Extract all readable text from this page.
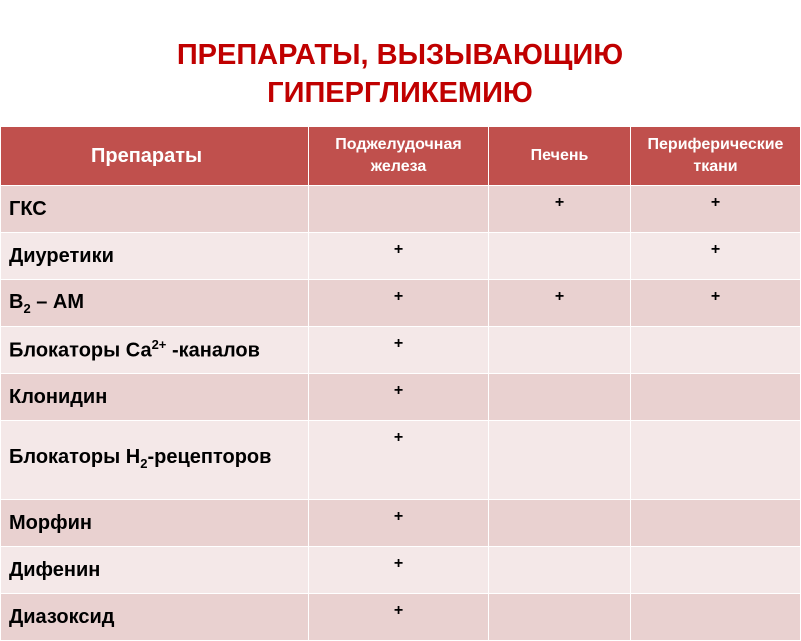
ПРЕПАРАТЫ, ВЫЗЫВАЮЩИЮ
ГИПЕРГЛИКЕМИЮ
Препараты	Поджелудочная железа	Печень	Периферические ткани
ГКС		+	+
Диуретики	+		+
$В_2$ – АМ	+	+	+
Блокаторы $Са^{2+}$ -каналов	+		
Клонидин	+		
Блокаторы $Н_2$-рецепторов	+		
Морфин	+		
Дифенин	+		
Диазоксид	+		
